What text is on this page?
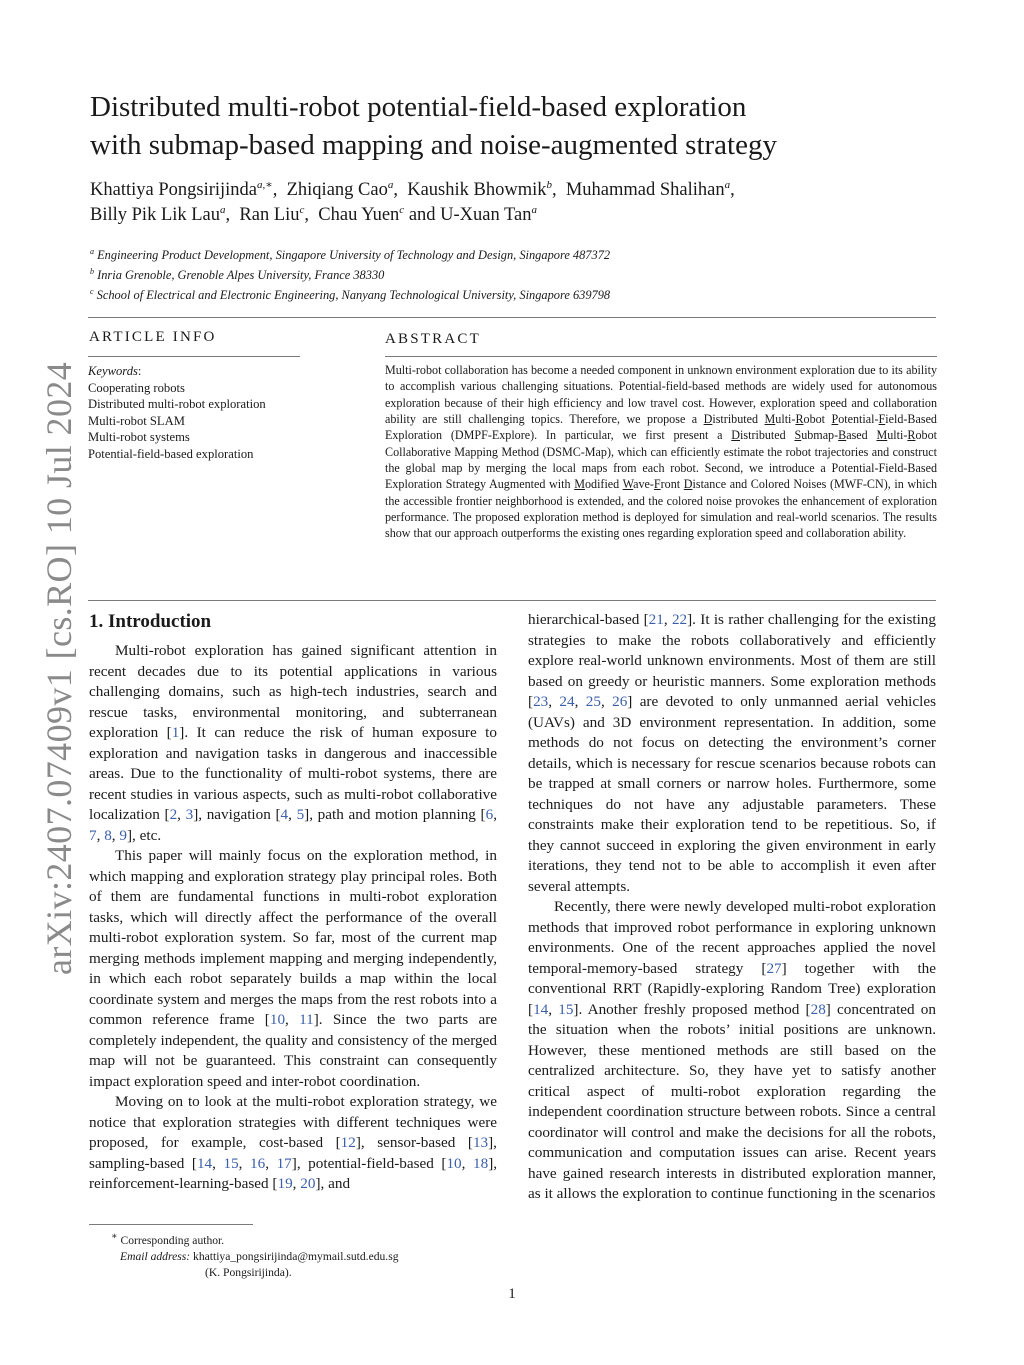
arXiv:2407.07409v1 [cs.RO] 10 Jul 2024
Distributed multi-robot potential-field-based exploration
with submap-based mapping and noise-augmented strategy
Khattiya Pongsirijinda$^{a,∗}$,  Zhiqiang Cao$^a$,  Kaushik Bhowmik$^b$,  Muhammad Shalihan$^a$,
Billy Pik Lik Lau$^a$,  Ran Liu$^c$,  Chau Yuen$^c$ and U-Xuan Tan$^a$
$^a$ Engineering Product Development, Singapore University of Technology and Design, Singapore 487372
$^b$ Inria Grenoble, Grenoble Alpes University, France 38330
$^c$ School of Electrical and Electronic Engineering, Nanyang Technological University, Singapore 639798
ARTICLE INFO	ABSTRACT
Keywords:
Cooperating robots
Distributed multi-robot exploration
Multi-robot SLAM
Multi-robot systems
Potential-field-based exploration
Multi-robot collaboration has become a needed component in unknown environment exploration due to its ability to accomplish various challenging situations. Potential-field-based methods are widely used for autonomous exploration because of their high efficiency and low travel cost. However, exploration speed and collaboration ability are still challenging topics. Therefore, we propose a Distributed Multi-Robot Potential-Field-Based Exploration (DMPF-Explore). In particular, we first present a Distributed Submap-Based Multi-Robot Collaborative Mapping Method (DSMC-Map), which can efficiently estimate the robot trajectories and construct the global map by merging the local maps from each robot. Second, we introduce a Potential-Field-Based Exploration Strategy Augmented with Modified Wave-Front Distance and Colored Noises (MWF-CN), in which the accessible frontier neighborhood is extended, and the colored noise provokes the enhancement of exploration performance. The proposed exploration method is deployed for simulation and real-world scenarios. The results show that our approach outperforms the existing ones regarding exploration speed and collaboration ability.
1. Introduction

Multi-robot exploration has gained significant attention in recent decades due to its potential applications in various challenging domains, such as high-tech industries, search and rescue tasks, environmental monitoring, and subterranean exploration [1]. It can reduce the risk of human exposure to exploration and navigation tasks in dangerous and inaccessible areas. Due to the functionality of multi-robot systems, there are recent studies in various aspects, such as multi-robot collaborative localization [2, 3], navigation [4, 5], path and motion planning [6, 7, 8, 9], etc.

This paper will mainly focus on the exploration method, in which mapping and exploration strategy play principal roles. Both of them are fundamental functions in multi-robot exploration tasks, which will directly affect the performance of the overall multi-robot exploration system. So far, most of the current map merging methods implement mapping and merging independently, in which each robot separately builds a map within the local coordinate system and merges the maps from the rest robots into a common reference frame [10, 11]. Since the two parts are completely independent, the quality and consistency of the merged map will not be guaranteed. This constraint can consequently impact exploration speed and inter-robot coordination.

Moving on to look at the multi-robot exploration strategy, we notice that exploration strategies with different techniques were proposed, for example, cost-based [12], sensor-based [13], sampling-based [14, 15, 16, 17], potential-field-based [10, 18], reinforcement-learning-based [19, 20], and

hierarchical-based [21, 22]. It is rather challenging for the existing strategies to make the robots collaboratively and efficiently explore real-world unknown environments. Most of them are still based on greedy or heuristic manners. Some exploration methods [23, 24, 25, 26] are devoted to only unmanned aerial vehicles (UAVs) and 3D environment representation. In addition, some methods do not focus on detecting the environment’s corner details, which is necessary for rescue scenarios because robots can be trapped at small corners or narrow holes. Furthermore, some techniques do not have any adjustable parameters. These constraints make their exploration tend to be repetitious. So, if they cannot succeed in exploring the given environment in early iterations, they tend not to be able to accomplish it even after several attempts.

Recently, there were newly developed multi-robot exploration methods that improved robot performance in exploring unknown environments. One of the recent approaches applied the novel temporal-memory-based strategy [27] together with the conventional RRT (Rapidly-exploring Random Tree) exploration [14, 15]. Another freshly proposed method [28] concentrated on the situation when the robots’ initial positions are unknown. However, these mentioned methods are still based on the centralized architecture. So, they have yet to satisfy another critical aspect of multi-robot exploration regarding the independent coordination structure between robots. Since a central coordinator will control and make the decisions for all the robots, communication and computation issues can arise. Recent years have gained research interests in distributed exploration manner, as it allows the exploration to continue functioning in the scenarios

∗ Corresponding author.
Email address: khattiya_pongsirijinda@mymail.sutd.edu.sg
(K. Pongsirijinda).
1
